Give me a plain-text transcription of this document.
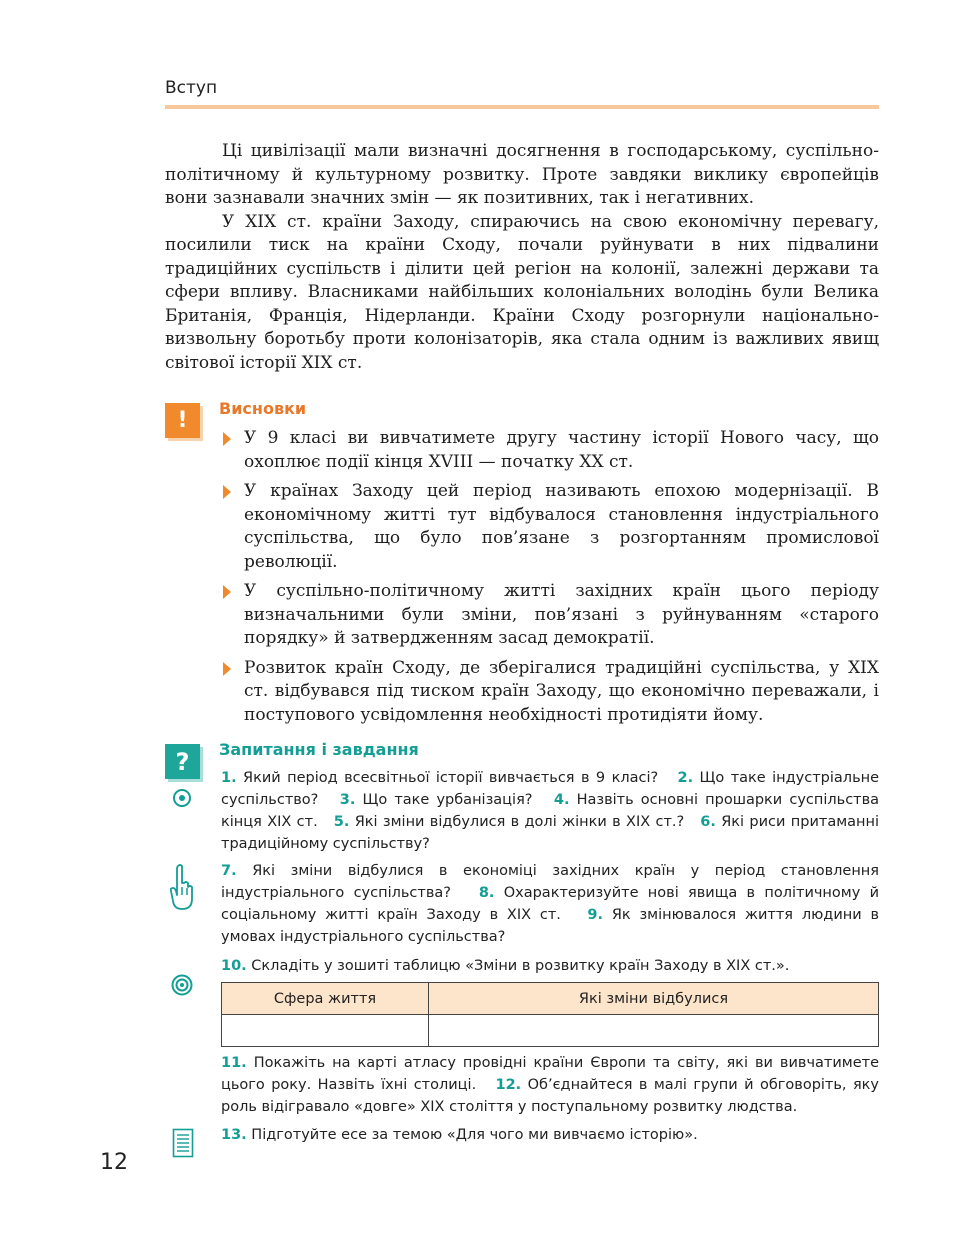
Вступ

Ці цивілізації мали визначні досягнення в господарському, суспільно-політичному й культурному розвитку. Проте завдяки виклику європейців вони зазнавали значних змін — як позитивних, так і негативних.

У XIX ст. країни Заходу, спираючись на свою економічну перевагу, посилили тиск на країни Сходу, почали руйнувати в них підвалини традиційних суспільств і ділити цей регіон на колонії, залежні держави та сфери впливу. Власниками найбільших колоніальних володінь були Велика Британія, Франція, Нідерланди. Країни Сходу розгорнули національно-визвольну боротьбу проти колонізаторів, яка стала одним із важливих явищ світової історії XIX ст.

!	Висновки
У 9 класі ви вивчатимете другу частину історії Нового часу, що охоплює події кінця XVIII — початку XX ст.
У країнах Заходу цей період називають епохою модернізації. В економічному житті тут відбувалося становлення індустріального суспільства, що було пов’язане з розгортанням промислової революції.
У суспільно-політичному житті західних країн цього періоду визначальними були зміни, пов’язані з руйнуванням «старого порядку» й затвердженням засад демократії.
Розвиток країн Сходу, де зберігалися традиційні суспільства, у XIX ст. відбувався під тиском країн Заходу, що економічно переважали, і поступового усвідомлення необхідності протидіяти йому.
?	Запитання і завдання
1. Який період всесвітньої історії вивчається в 9 класі? 2. Що таке індустріальне суспільство? 3. Що таке урбанізація? 4. Назвіть основні прошарки суспільства кінця XIX ст. 5. Які зміни відбулися в долі жінки в XIX ст.? 6. Які риси притаманні традиційному суспільству?
7. Які зміни відбулися в економіці західних країн у період становлення індустріального суспільства? 8. Охарактеризуйте нові явища в політичному й соціальному житті країн Заходу в XIX ст. 9. Як змінювалося життя людини в умовах індустріального суспільства?
10. Складіть у зошиті таблицю «Зміни в розвитку країн Заходу в XIX ст.».
Сфера життя	Які зміни відбулися

11. Покажіть на карті атласу провідні країни Європи та світу, які ви вивчатимете цього року. Назвіть їхні столиці. 12. Об’єднайтеся в малі групи й обговоріть, яку роль відігравало «довге» XIX століття у поступальному розвитку людства.
13. Підготуйте есе за темою «Для чого ми вивчаємо історію».
12
